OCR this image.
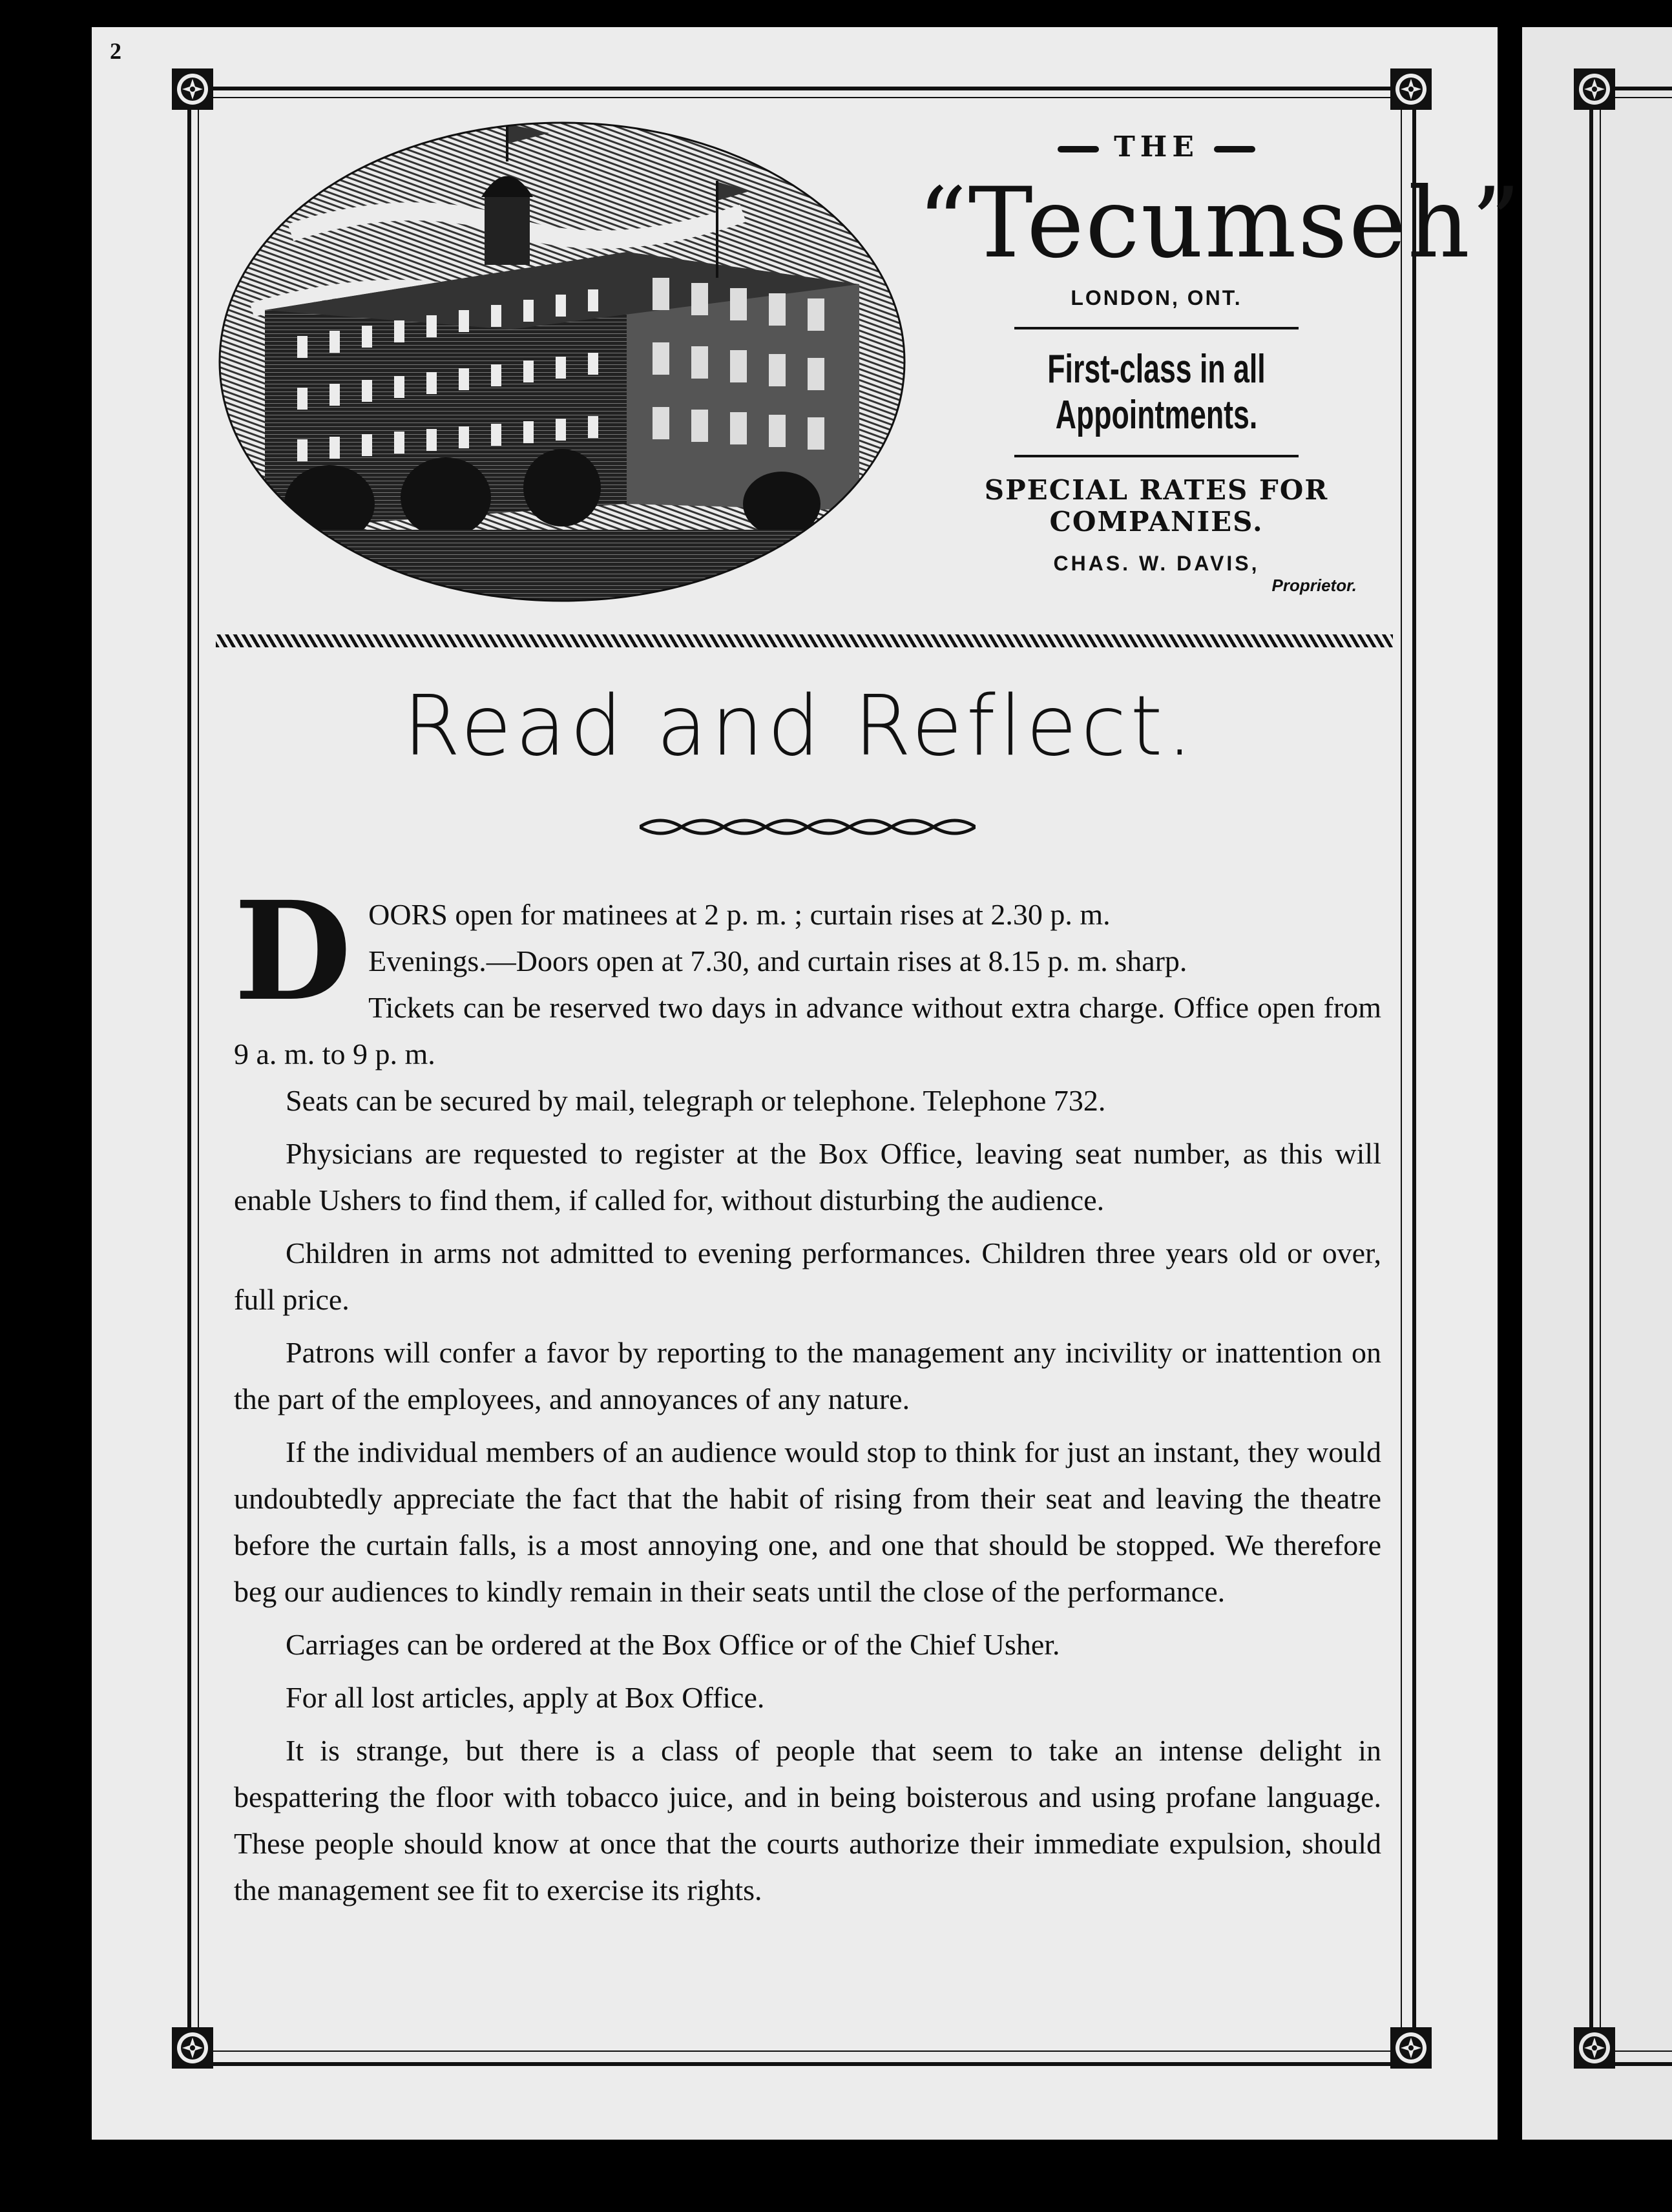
2
THE
“Tecumseh”
LONDON, ONT.
First-class in all Appointments.
SPECIAL RATES FOR COMPANIES.
CHAS. W. DAVIS,
Proprietor.
Read and Reflect.

D OORS open for matinees at 2 p. m. ; curtain rises at 2.30 p. m.
Evenings.—Doors open at 7.30, and curtain rises at 8.15 p. m. sharp.
Tickets can be reserved two days in advance without extra charge. Office open from 9 a. m. to 9 p. m.

Seats can be secured by mail, telegraph or telephone. Telephone 732.

Physicians are requested to register at the Box Office, leaving seat number, as this will enable Ushers to find them, if called for, without disturbing the audience.

Children in arms not admitted to evening performances. Children three years old or over, full price.

Patrons will confer a favor by reporting to the management any incivility or inattention on the part of the employees, and annoyances of any nature.

If the individual members of an audience would stop to think for just an instant, they would undoubtedly appreciate the fact that the habit of rising from their seat and leaving the theatre before the curtain falls, is a most annoying one, and one that should be stopped. We therefore beg our audiences to kindly remain in their seats until the close of the performance.

Carriages can be ordered at the Box Office or of the Chief Usher.

For all lost articles, apply at Box Office.

It is strange, but there is a class of people that seem to take an intense delight in bespattering the floor with tobacco juice, and in being boisterous and using profane language. These people should know at once that the courts authorize their immediate expulsion, should the management see fit to exercise its rights.
